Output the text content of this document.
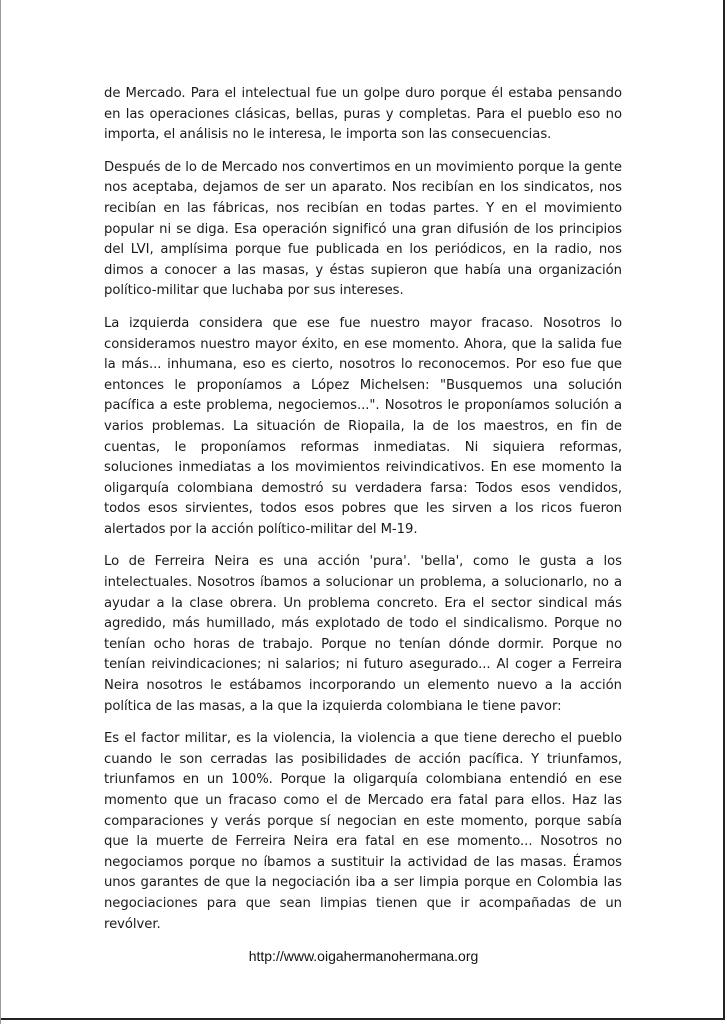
de Mercado. Para el intelectual fue un golpe duro porque él estaba pensando en las operaciones clásicas, bellas, puras y completas. Para el pueblo eso no importa, el análisis no le interesa, le importa son las consecuencias.

Después de lo de Mercado nos convertimos en un movimiento porque la gente nos aceptaba, dejamos de ser un aparato. Nos recibían en los sindicatos, nos recibían en las fábricas, nos recibían en todas partes. Y en el movimiento popular ni se diga. Esa operación significó una gran difusión de los principios del LVI, amplísima porque fue publicada en los periódicos, en la radio, nos dimos a conocer a las masas, y éstas supieron que había una organización político-militar que luchaba por sus intereses.

La izquierda considera que ese fue nuestro mayor fracaso. Nosotros lo consideramos nuestro mayor éxito, en ese momento. Ahora, que la salida fue la más... inhumana, eso es cierto, nosotros lo reconocemos. Por eso fue que entonces le proponíamos a López Michelsen: "Busquemos una solución pacífica a este problema, negociemos...". Nosotros le proponíamos solución a varios problemas. La situación de Riopaila, la de los maestros, en fin de cuentas, le proponíamos reformas inmediatas. Ni siquiera reformas, soluciones inmediatas a los movimientos reivindicativos. En ese momento la oligarquía colombiana demostró su verdadera farsa: Todos esos vendidos, todos esos sirvientes, todos esos pobres que les sirven a los ricos fueron alertados por la acción político-militar del M-19.

Lo de Ferreira Neira es una acción 'pura'. 'bella', como le gusta a los intelectuales. Nosotros íbamos a solucionar un problema, a solucionarlo, no a ayudar a la clase obrera. Un problema concreto. Era el sector sindical más agredido, más humillado, más explotado de todo el sindicalismo. Porque no tenían ocho horas de trabajo. Porque no tenían dónde dormir. Porque no tenían reivindicaciones; ni salarios; ni futuro asegurado... Al coger a Ferreira Neira nosotros le estábamos incorporando un elemento nuevo a la acción política de las masas, a la que la izquierda colombiana le tiene pavor:

Es el factor militar, es la violencia, la violencia a que tiene derecho el pueblo cuando le son cerradas las posibilidades de acción pacífica. Y triunfamos, triunfamos en un 100%. Porque la oligarquía colombiana entendió en ese momento que un fracaso como el de Mercado era fatal para ellos. Haz las comparaciones y verás porque sí negocian en este momento, porque sabía que la muerte de Ferreira Neira era fatal en ese momento... Nosotros no negociamos porque no íbamos a sustituir la actividad de las masas. Éramos unos garantes de que la negociación iba a ser limpia porque en Colombia las negociaciones para que sean limpias tienen que ir acompañadas de un revólver.

http://www.oigahermanohermana.org
